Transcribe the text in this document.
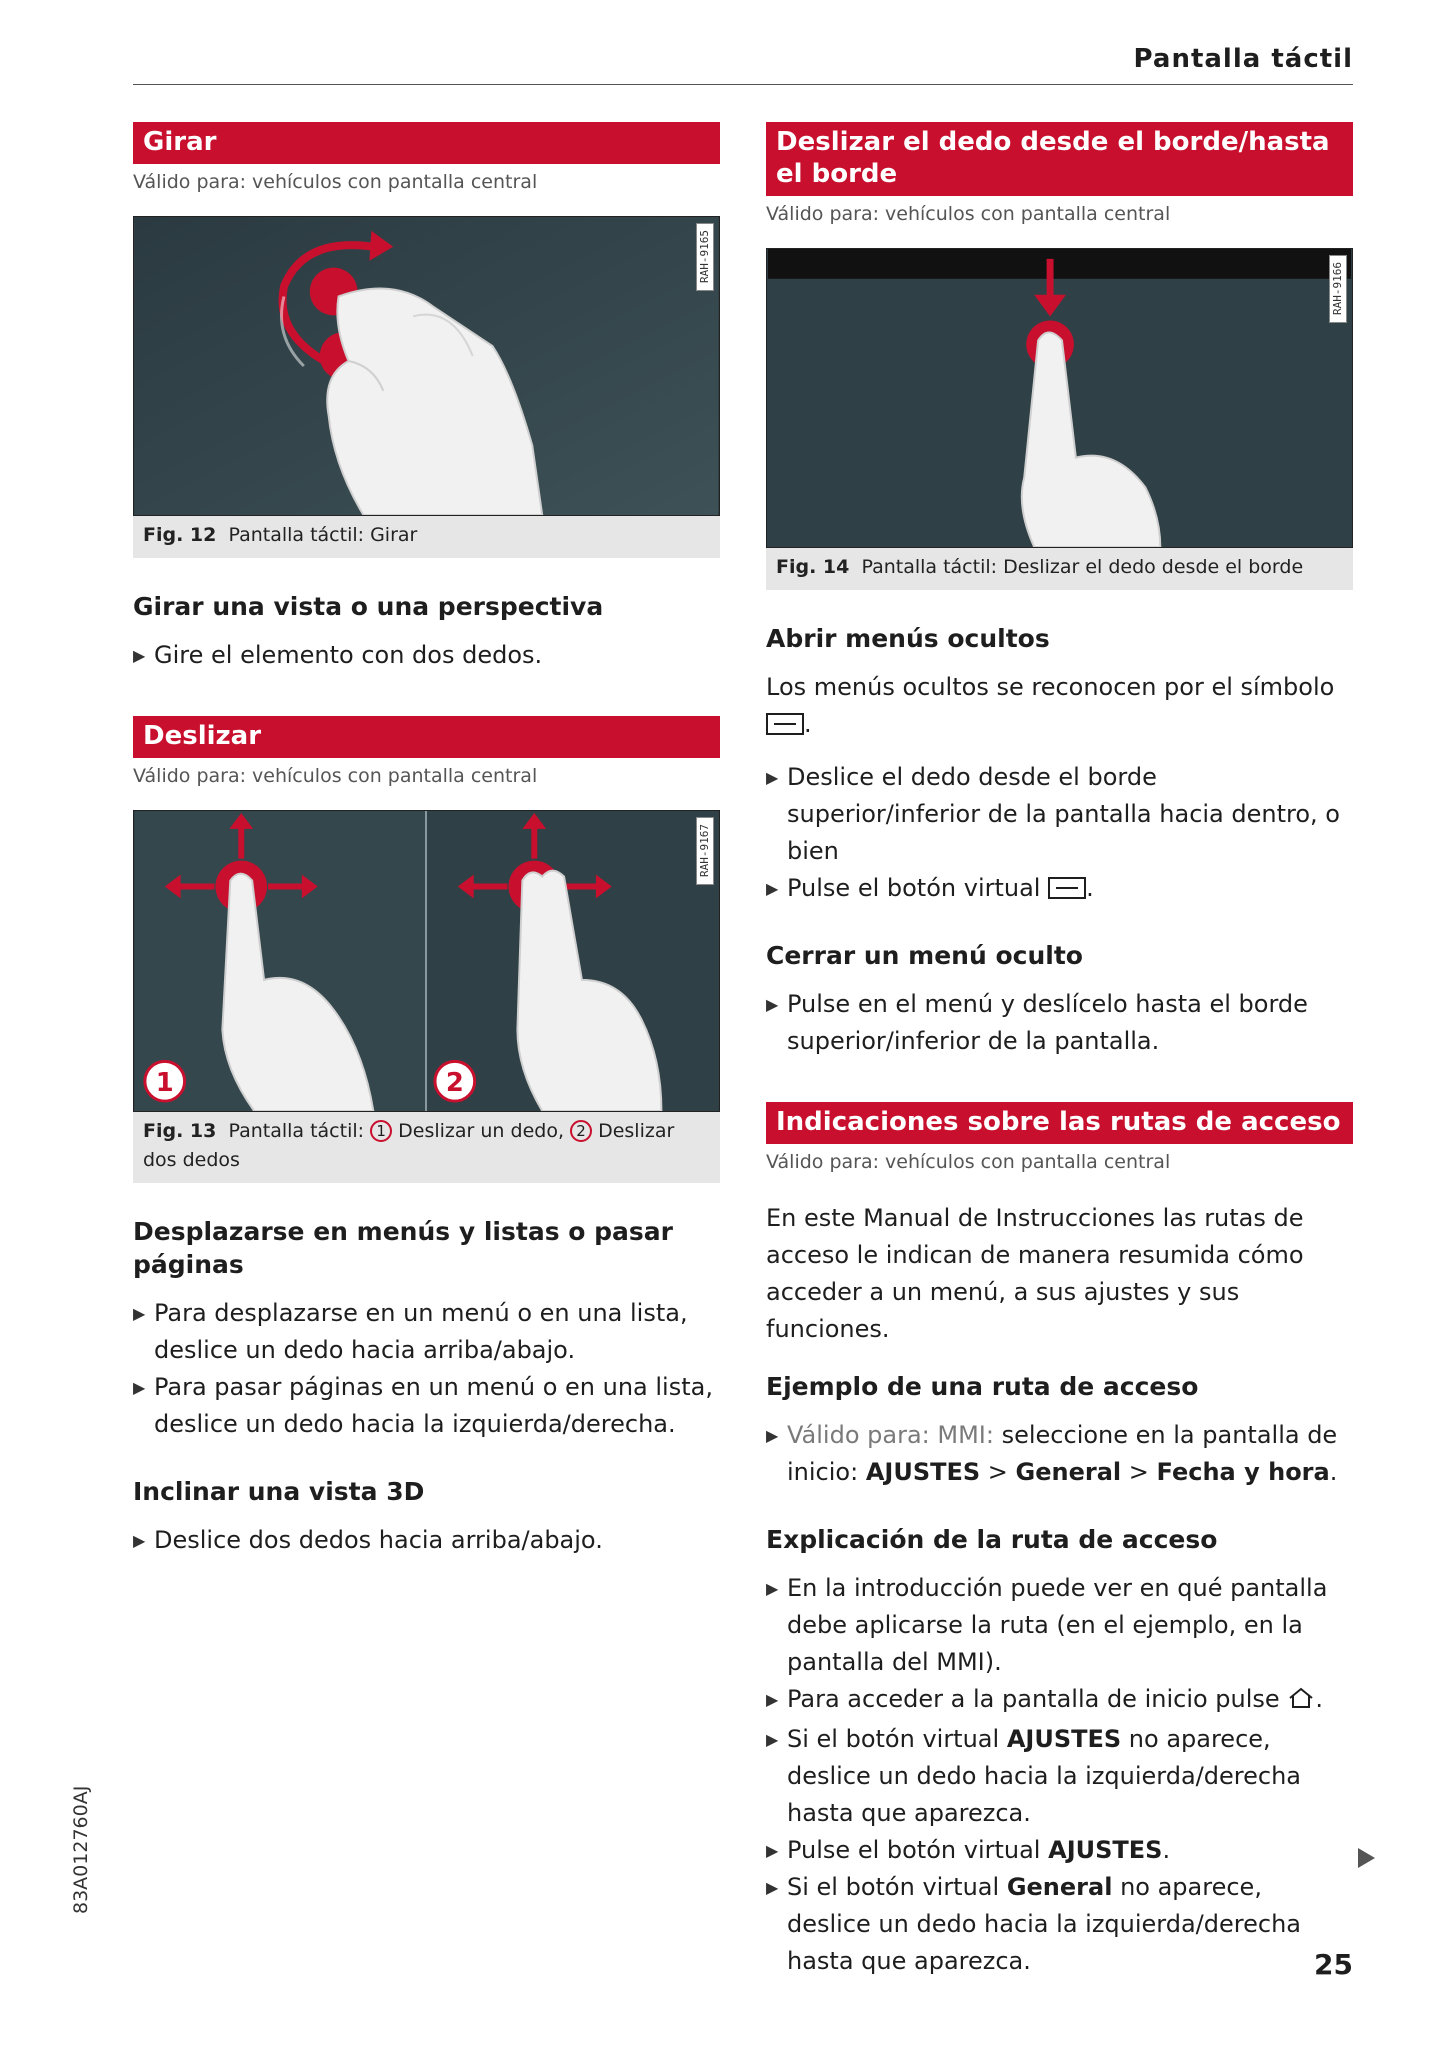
Pantalla táctil
Girar
Válido para: vehículos con pantalla central
RAH-9165
Fig. 12 Pantalla táctil: Girar
Girar una vista o una perspectiva
▶ Gire el elemento con dos dedos.
Deslizar
Válido para: vehículos con pantalla central
1	2
RAH-9167
Fig. 13 Pantalla táctil: 1 Deslizar un dedo, 2 Deslizar dos dedos
Desplazarse en menús y listas o pasar páginas
▶ Para desplazarse en un menú o en una lista, deslice un dedo hacia arriba/abajo.
▶ Para pasar páginas en un menú o en una lista, deslice un dedo hacia la izquierda/derecha.
Inclinar una vista 3D
▶ Deslice dos dedos hacia arriba/abajo.
Deslizar el dedo desde el borde/hasta el borde
Válido para: vehículos con pantalla central
RAH-9166
Fig. 14 Pantalla táctil: Deslizar el dedo desde el borde
Abrir menús ocultos

Los menús ocultos se reconocen por el símbolo
.

▶ Deslice el dedo desde el borde superior/inferior de la pantalla hacia dentro, o bien
▶ Pulse el botón virtual .
Cerrar un menú oculto
▶ Pulse en el menú y deslícelo hasta el borde superior/inferior de la pantalla.
Indicaciones sobre las rutas de acceso
Válido para: vehículos con pantalla central

En este Manual de Instrucciones las rutas de acceso le indican de manera resumida cómo acceder a un menú, a sus ajustes y sus funciones.

Ejemplo de una ruta de acceso
▶ Válido para: MMI: seleccione en la pantalla de inicio: AJUSTES > General > Fecha y hora.
Explicación de la ruta de acceso
▶ En la introducción puede ver en qué pantalla debe aplicarse la ruta (en el ejemplo, en la pantalla del MMI).
▶ Para acceder a la pantalla de inicio pulse .
▶ Si el botón virtual AJUSTES no aparece, deslice un dedo hacia la izquierda/derecha hasta que aparezca.
▶ Pulse el botón virtual AJUSTES.
▶ Si el botón virtual General no aparece, deslice un dedo hacia la izquierda/derecha hasta que aparezca.
83A012760AJ
25
